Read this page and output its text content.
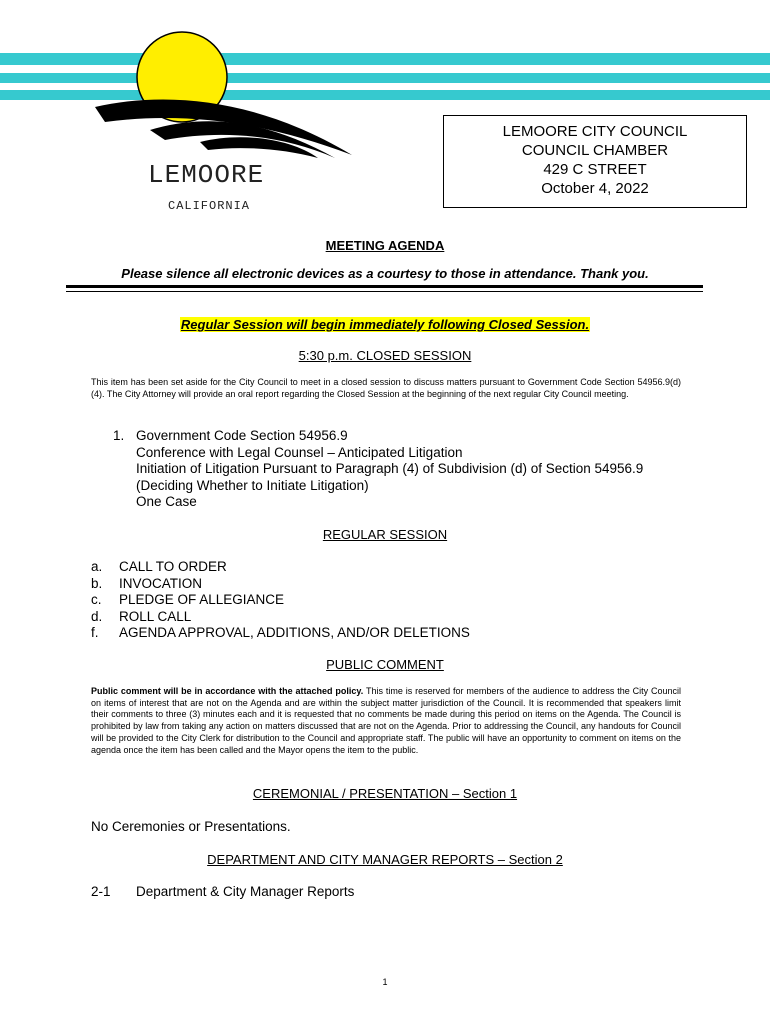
LEMOORE
CALIFORNIA
LEMOORE CITY COUNCIL
COUNCIL CHAMBER
429 C STREET
October 4, 2022
MEETING AGENDA
Please silence all electronic devices as a courtesy to those in attendance. Thank you.
Regular Session will begin immediately following Closed Session.
5:30 p.m. CLOSED SESSION
This item has been set aside for the City Council to meet in a closed session to discuss matters pursuant to Government Code Section 54956.9(d)(4). The City Attorney will provide an oral report regarding the Closed Session at the beginning of the next regular City Council meeting.
1. Government Code Section 54956.9
Conference with Legal Counsel – Anticipated Litigation
Initiation of Litigation Pursuant to Paragraph (4) of Subdivision (d) of Section 54956.9
(Deciding Whether to Initiate Litigation)
One Case
REGULAR SESSION
a. CALL TO ORDER
b. INVOCATION
c. PLEDGE OF ALLEGIANCE
d. ROLL CALL
f. AGENDA APPROVAL, ADDITIONS, AND/OR DELETIONS
PUBLIC COMMENT
Public comment will be in accordance with the attached policy. This time is reserved for members of the audience to address the City Council on items of interest that are not on the Agenda and are within the subject matter jurisdiction of the Council. It is recommended that speakers limit their comments to three (3) minutes each and it is requested that no comments be made during this period on items on the Agenda. The Council is prohibited by law from taking any action on matters discussed that are not on the Agenda. Prior to addressing the Council, any handouts for Council will be provided to the City Clerk for distribution to the Council and appropriate staff. The public will have an opportunity to comment on items on the agenda once the item has been called and the Mayor opens the item to the public.
CEREMONIAL / PRESENTATION – Section 1
No Ceremonies or Presentations.
DEPARTMENT AND CITY MANAGER REPORTS – Section 2
2-1 Department & City Manager Reports
1
